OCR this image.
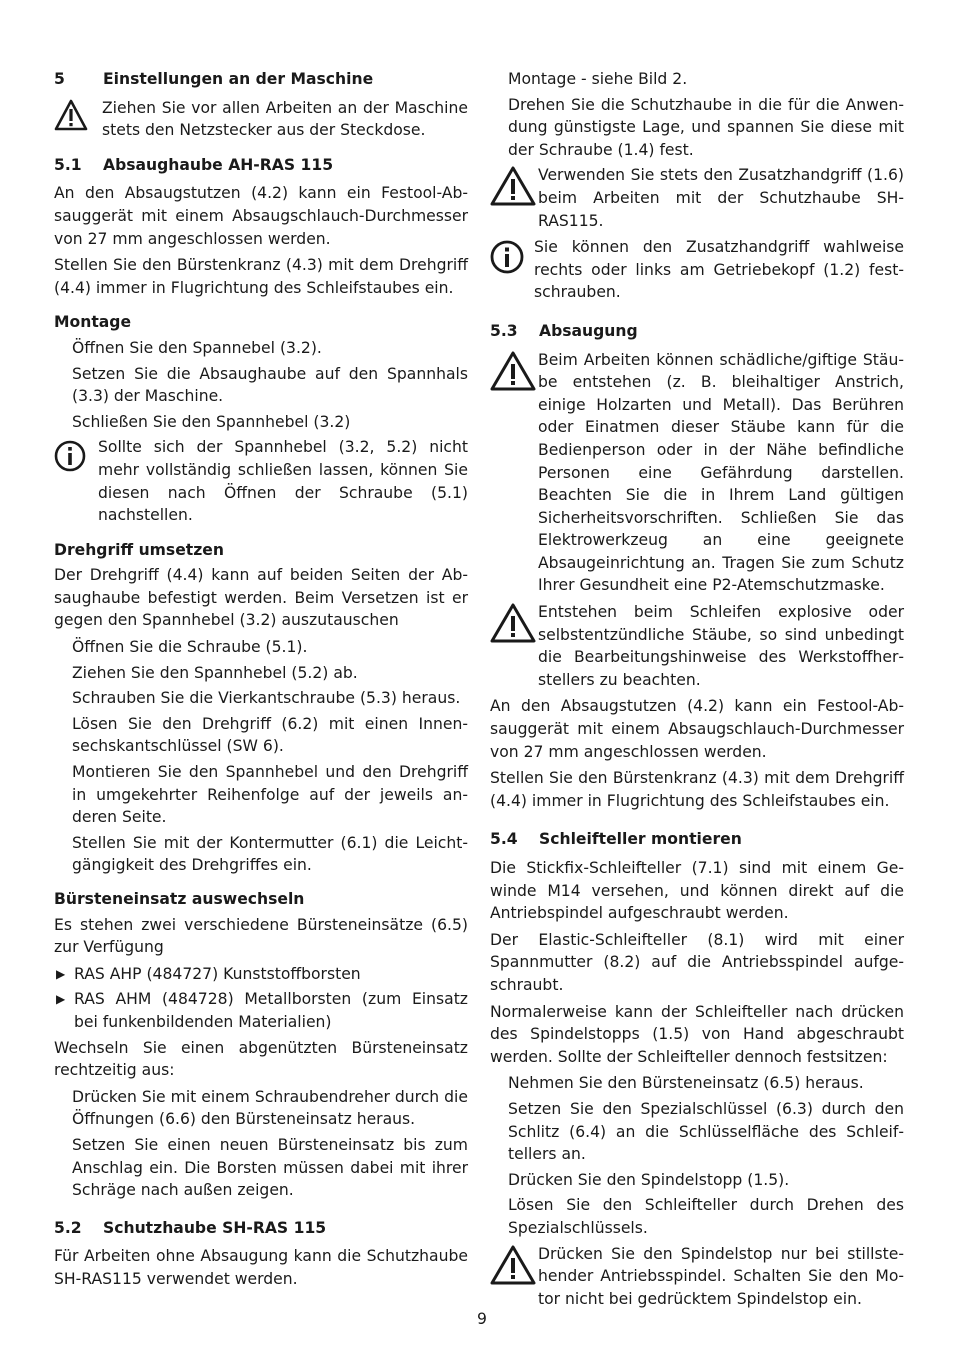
5	Einstellungen an der Maschine

Ziehen Sie vor allen Arbeiten an der Maschine stets den Netzstecker aus der Steckdose.

5.1	Absaughaube AH-RAS 115

An den Absaugstutzen (4.2) kann ein Festool-Absauggerät mit einem Absaugschlauch-Durchmesser von 27 mm angeschlossen werden.

Stellen Sie den Bürstenkranz (4.3) mit dem Drehgriff (4.4) immer in Flugrichtung des Schleifstaubes ein.

Montage

Öffnen Sie den Spannebel (3.2).

Setzen Sie die Absaughaube auf den Spannhals (3.3) der Maschine.

Schließen Sie den Spannhebel (3.2)

Sollte sich der Spannhebel (3.2, 5.2) nicht mehr vollständig schließen lassen, können Sie diesen nach Öffnen der Schraube (5.1) nachstellen.

Drehgriff umsetzen

Der Drehgriff (4.4) kann auf beiden Seiten der Absaughaube befestigt werden. Beim Versetzen ist er gegen den Spannhebel (3.2) auszutauschen

Öffnen Sie die Schraube (5.1).

Ziehen Sie den Spannhebel (5.2) ab.

Schrauben Sie die Vierkantschraube (5.3) heraus.

Lösen Sie den Drehgriff (6.2) mit einen Innensechskantschlüssel (SW 6).

Montieren Sie den Spannhebel und den Drehgriff in umgekehrter Reihenfolge auf der jeweils anderen Seite.

Stellen Sie mit der Kontermutter (6.1) die Leichtgängigkeit des Drehgriffes ein.

Bürsteneinsatz auswechseln

Es stehen zwei verschiedene Bürsteneinsätze (6.5) zur Verfügung

▶ RAS AHP (484727) Kunststoffborsten

▶ RAS AHM (484728) Metallborsten (zum Einsatz bei funkenbildenden Materialien)

Wechseln Sie einen abgenützten Bürsteneinsatz rechtzeitig aus:

Drücken Sie mit einem Schraubendreher durch die Öffnungen (6.6) den Bürsteneinsatz heraus.

Setzen Sie einen neuen Bürsteneinsatz bis zum Anschlag ein. Die Borsten müssen dabei mit ihrer Schräge nach außen zeigen.

5.2	Schutzhaube SH-RAS 115

Für Arbeiten ohne Absaugung kann die Schutzhaube SH-RAS115 verwendet werden.

Montage - siehe Bild 2.

Drehen Sie die Schutzhaube in die für die Anwendung günstigste Lage, und spannen Sie diese mit der Schraube (1.4) fest.

Verwenden Sie stets den Zusatzhandgriff (1.6) beim Arbeiten mit der Schutzhaube SH-RAS115.

Sie können den Zusatzhandgriff wahlweise rechts oder links am Getriebekopf (1.2) festschrauben.

5.3	Absaugung

Beim Arbeiten können schädliche/giftige Stäube entstehen (z. B. bleihaltiger Anstrich, einige Holzarten und Metall). Das Berühren oder Einatmen dieser Stäube kann für die Bedienperson oder in der Nähe befindliche Personen eine Gefährdung darstellen. Beachten Sie die in Ihrem Land gültigen Sicherheitsvorschriften. Schließen Sie das Elektrowerkzeug an eine geeignete Absaugeinrichtung an. Tragen Sie zum Schutz Ihrer Gesundheit eine P2-Atemschutzmaske.

Entstehen beim Schleifen explosive oder selbstentzündliche Stäube, so sind unbedingt die Bearbeitungshinweise des Werkstoffherstellers zu beachten.

An den Absaugstutzen (4.2) kann ein Festool-Absauggerät mit einem Absaugschlauch-Durchmesser von 27 mm angeschlossen werden.

Stellen Sie den Bürstenkranz (4.3) mit dem Drehgriff (4.4) immer in Flugrichtung des Schleifstaubes ein.

5.4	Schleifteller montieren

Die Stickfix-Schleifteller (7.1) sind mit einem Gewinde M14 versehen, und können direkt auf die Antriebspindel aufgeschraubt werden.

Der Elastic-Schleifteller (8.1) wird mit einer Spannmutter (8.2) auf die Antriebsspindel aufgeschraubt.

Normalerweise kann der Schleifteller nach drücken des Spindelstopps (1.5) von Hand abgeschraubt werden. Sollte der Schleifteller dennoch festsitzen:

Nehmen Sie den Bürsteneinsatz (6.5) heraus.

Setzen Sie den Spezialschlüssel (6.3) durch den Schlitz (6.4) an die Schlüsselfläche des Schleiftellers an.

Drücken Sie den Spindelstopp (1.5).

Lösen Sie den Schleifteller durch Drehen des Spezialschlüssels.

Drücken Sie den Spindelstop nur bei stillstehender Antriebsspindel. Schalten Sie den Motor nicht bei gedrücktem Spindelstop ein.

9
